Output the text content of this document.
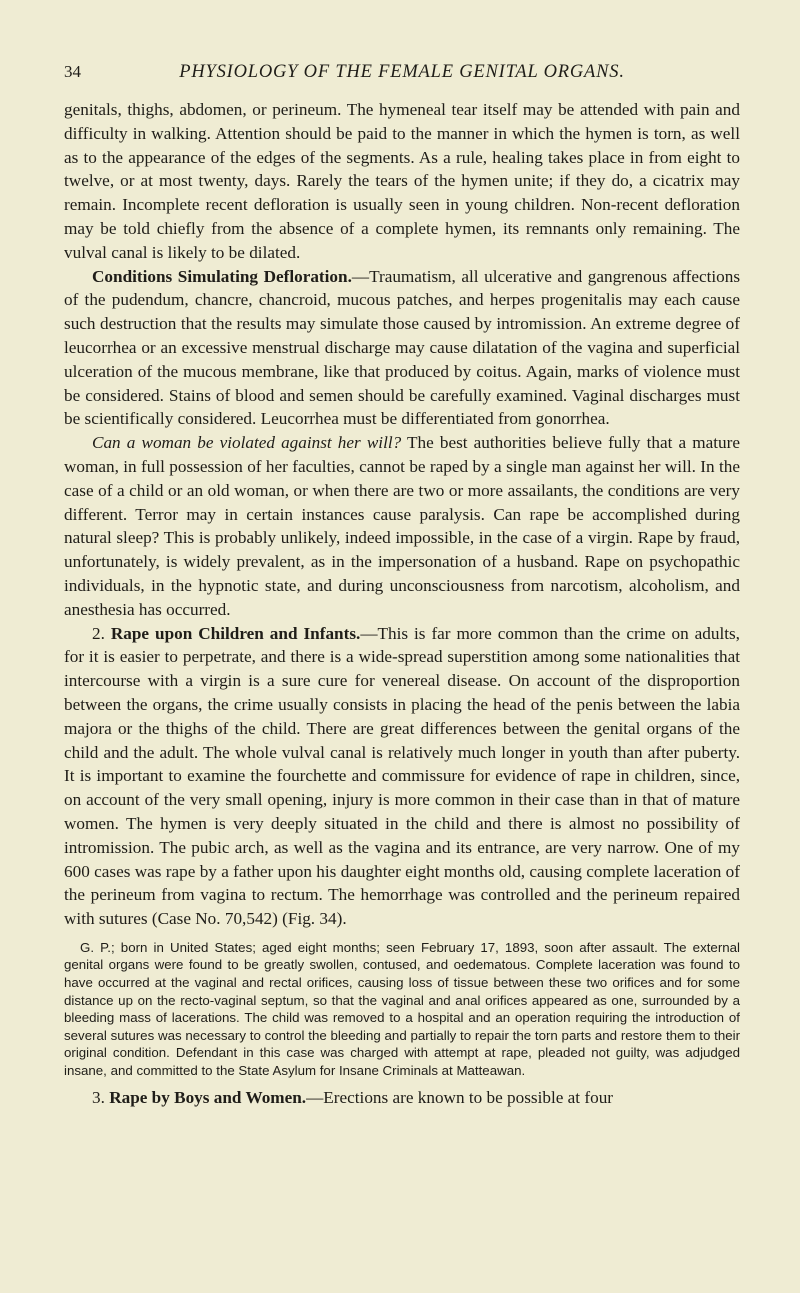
34	PHYSIOLOGY OF THE FEMALE GENITAL ORGANS.

genitals, thighs, abdomen, or perineum. The hymeneal tear itself may be attended with pain and difficulty in walking. Attention should be paid to the manner in which the hymen is torn, as well as to the appearance of the edges of the segments. As a rule, healing takes place in from eight to twelve, or at most twenty, days. Rarely the tears of the hymen unite; if they do, a cicatrix may remain. Incomplete recent defloration is usually seen in young children. Non-recent defloration may be told chiefly from the absence of a complete hymen, its remnants only remaining. The vulval canal is likely to be dilated.

Conditions Simulating Defloration.—Traumatism, all ulcerative and gangrenous affections of the pudendum, chancre, chancroid, mucous patches, and herpes progenitalis may each cause such destruction that the results may simulate those caused by intromission. An extreme degree of leucorrhea or an excessive menstrual discharge may cause dilatation of the vagina and superficial ulceration of the mucous membrane, like that produced by coitus. Again, marks of violence must be considered. Stains of blood and semen should be carefully examined. Vaginal discharges must be scientifically considered. Leucorrhea must be differentiated from gonorrhea.

Can a woman be violated against her will? The best authorities believe fully that a mature woman, in full possession of her faculties, cannot be raped by a single man against her will. In the case of a child or an old woman, or when there are two or more assailants, the conditions are very different. Terror may in certain instances cause paralysis. Can rape be accomplished during natural sleep? This is probably unlikely, indeed impossible, in the case of a virgin. Rape by fraud, unfortunately, is widely prevalent, as in the impersonation of a husband. Rape on psychopathic individuals, in the hypnotic state, and during unconsciousness from narcotism, alcoholism, and anesthesia has occurred.

2. Rape upon Children and Infants.—This is far more common than the crime on adults, for it is easier to perpetrate, and there is a wide-spread superstition among some nationalities that intercourse with a virgin is a sure cure for venereal disease. On account of the disproportion between the organs, the crime usually consists in placing the head of the penis between the labia majora or the thighs of the child. There are great differences between the genital organs of the child and the adult. The whole vulval canal is relatively much longer in youth than after puberty. It is important to examine the fourchette and commissure for evidence of rape in children, since, on account of the very small opening, injury is more common in their case than in that of mature women. The hymen is very deeply situated in the child and there is almost no possibility of intromission. The pubic arch, as well as the vagina and its entrance, are very narrow. One of my 600 cases was rape by a father upon his daughter eight months old, causing complete laceration of the perineum from vagina to rectum. The hemorrhage was controlled and the perineum repaired with sutures (Case No. 70,542) (Fig. 34).

G. P.; born in United States; aged eight months; seen February 17, 1893, soon after assault. The external genital organs were found to be greatly swollen, contused, and oedematous. Complete laceration was found to have occurred at the vaginal and rectal orifices, causing loss of tissue between these two orifices and for some distance up on the recto-vaginal septum, so that the vaginal and anal orifices appeared as one, surrounded by a bleeding mass of lacerations. The child was removed to a hospital and an operation requiring the introduction of several sutures was necessary to control the bleeding and partially to repair the torn parts and restore them to their original condition. Defendant in this case was charged with attempt at rape, pleaded not guilty, was adjudged insane, and committed to the State Asylum for Insane Criminals at Matteawan.

3. Rape by Boys and Women.—Erections are known to be possible at four
